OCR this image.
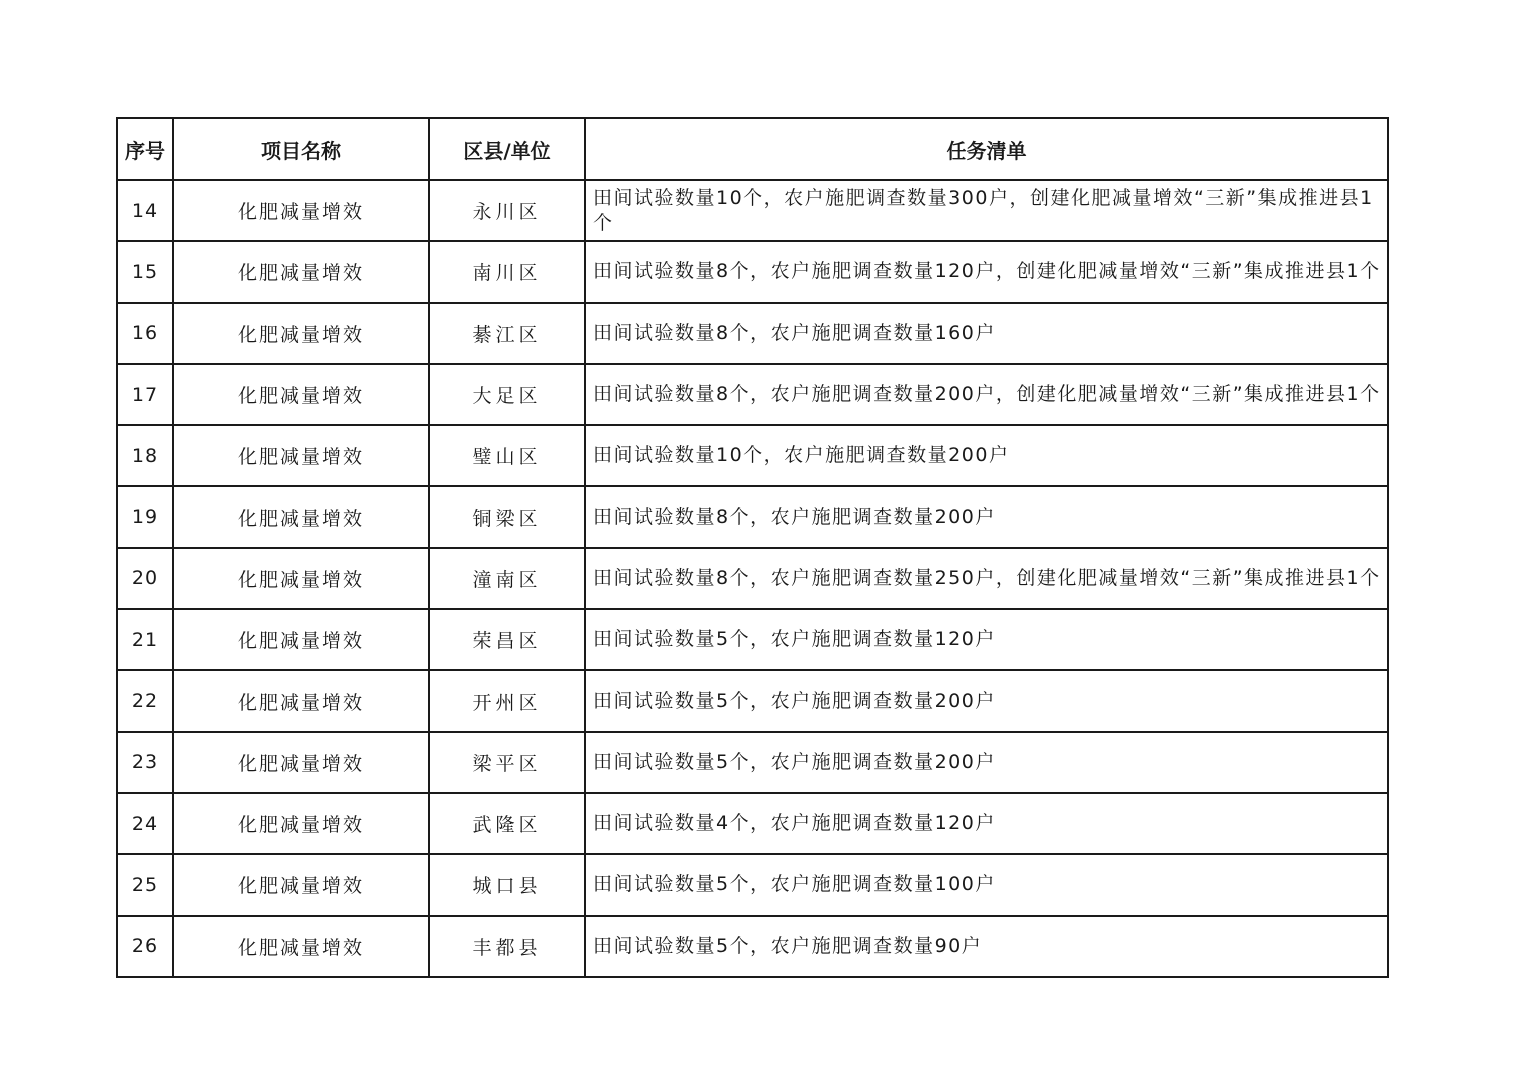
序号	项目名称	区县/单位	任务清单
14	化肥减量增效	永川区	田间试验数量10个，农户施肥调查数量300户，创建化肥减量增效“三新”集成推进县1个
15	化肥减量增效	南川区	田间试验数量8个，农户施肥调查数量120户，创建化肥减量增效“三新”集成推进县1个
16	化肥减量增效	綦江区	田间试验数量8个，农户施肥调查数量160户
17	化肥减量增效	大足区	田间试验数量8个，农户施肥调查数量200户，创建化肥减量增效“三新”集成推进县1个
18	化肥减量增效	璧山区	田间试验数量10个，农户施肥调查数量200户
19	化肥减量增效	铜梁区	田间试验数量8个，农户施肥调查数量200户
20	化肥减量增效	潼南区	田间试验数量8个，农户施肥调查数量250户，创建化肥减量增效“三新”集成推进县1个
21	化肥减量增效	荣昌区	田间试验数量5个，农户施肥调查数量120户
22	化肥减量增效	开州区	田间试验数量5个，农户施肥调查数量200户
23	化肥减量增效	梁平区	田间试验数量5个，农户施肥调查数量200户
24	化肥减量增效	武隆区	田间试验数量4个，农户施肥调查数量120户
25	化肥减量增效	城口县	田间试验数量5个，农户施肥调查数量100户
26	化肥减量增效	丰都县	田间试验数量5个，农户施肥调查数量90户
